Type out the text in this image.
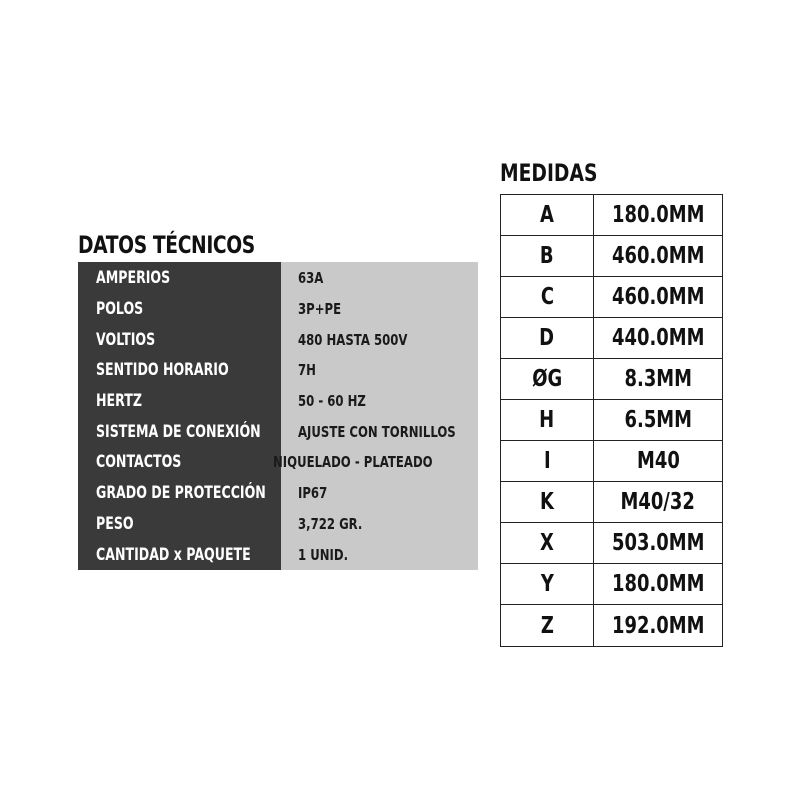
DATOS TÉCNICOS
AMPERIOS	63A
POLOS	3P+PE
VOLTIOS	480 HASTA 500V
SENTIDO HORARIO	7H
HERTZ	50 - 60 HZ
SISTEMA DE CONEXIÓN	AJUSTE CON TORNILLOS
CONTACTOS	NIQUELADO - PLATEADO
GRADO DE PROTECCIÓN	IP67
PESO	3,722 GR.
CANTIDAD x PAQUETE	1 UNID.
MEDIDAS
A	180.0MM
B	460.0MM
C	460.0MM
D 440.0MM
ØG	8.3MM
H	6.5MM
I	M40
K	M40/32
X	503.0MM
Y	180.0MM
Z	192.0MM
